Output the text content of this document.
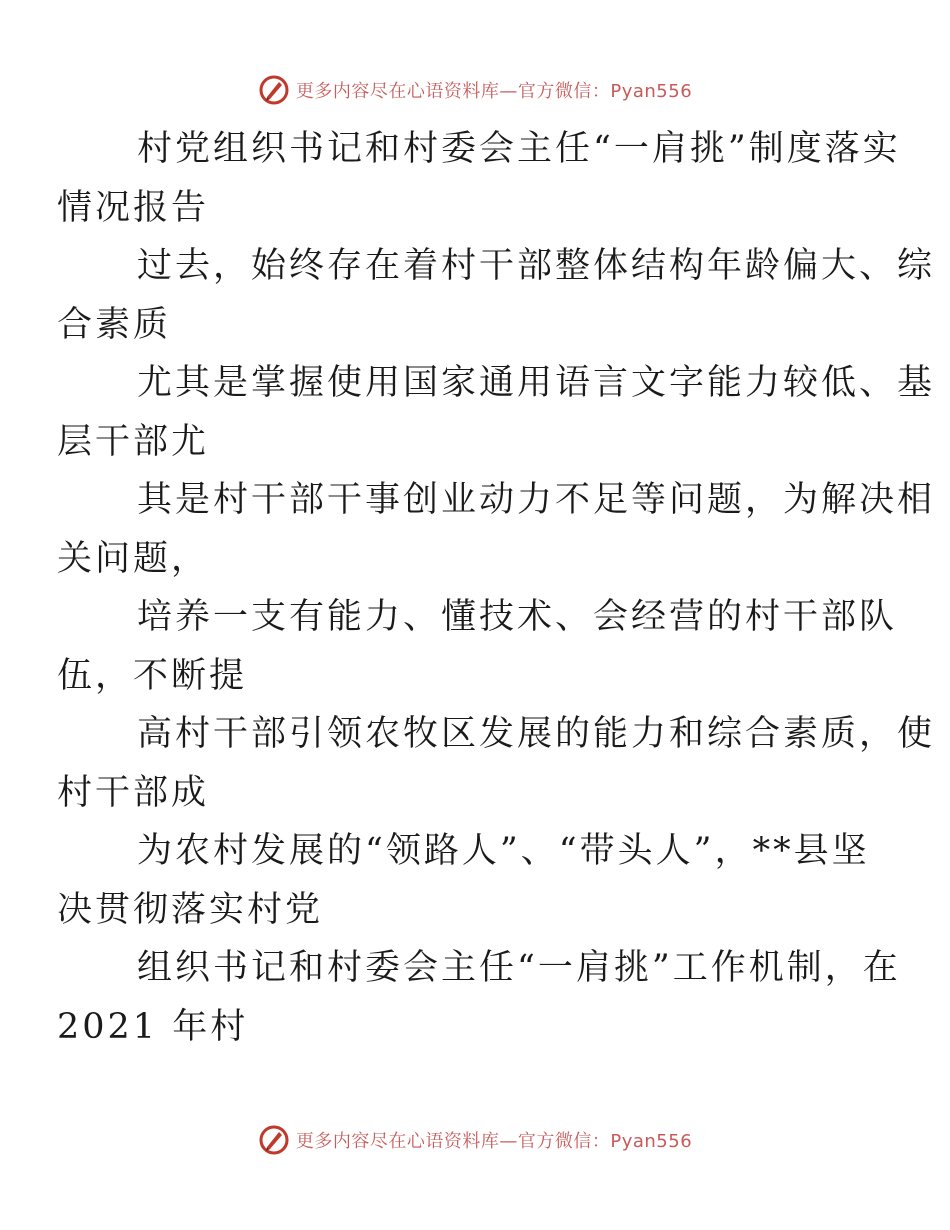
更多内容尽在心语资料库—官方微信：Pyan556

村党组织书记和村委会主任“一肩挑”制度落实
情况报告

过去，始终存在着村干部整体结构年龄偏大、综
合素质

尤其是掌握使用国家通用语言文字能力较低、基
层干部尤

其是村干部干事创业动力不足等问题，为解决相
关问题，

培养一支有能力、懂技术、会经营的村干部队
伍，不断提

高村干部引领农牧区发展的能力和综合素质，使
村干部成

为农村发展的“领路人”、“带头人”，**县坚
决贯彻落实村党

组织书记和村委会主任“一肩挑”工作机制，在
2021 年村

更多内容尽在心语资料库—官方微信：Pyan556
